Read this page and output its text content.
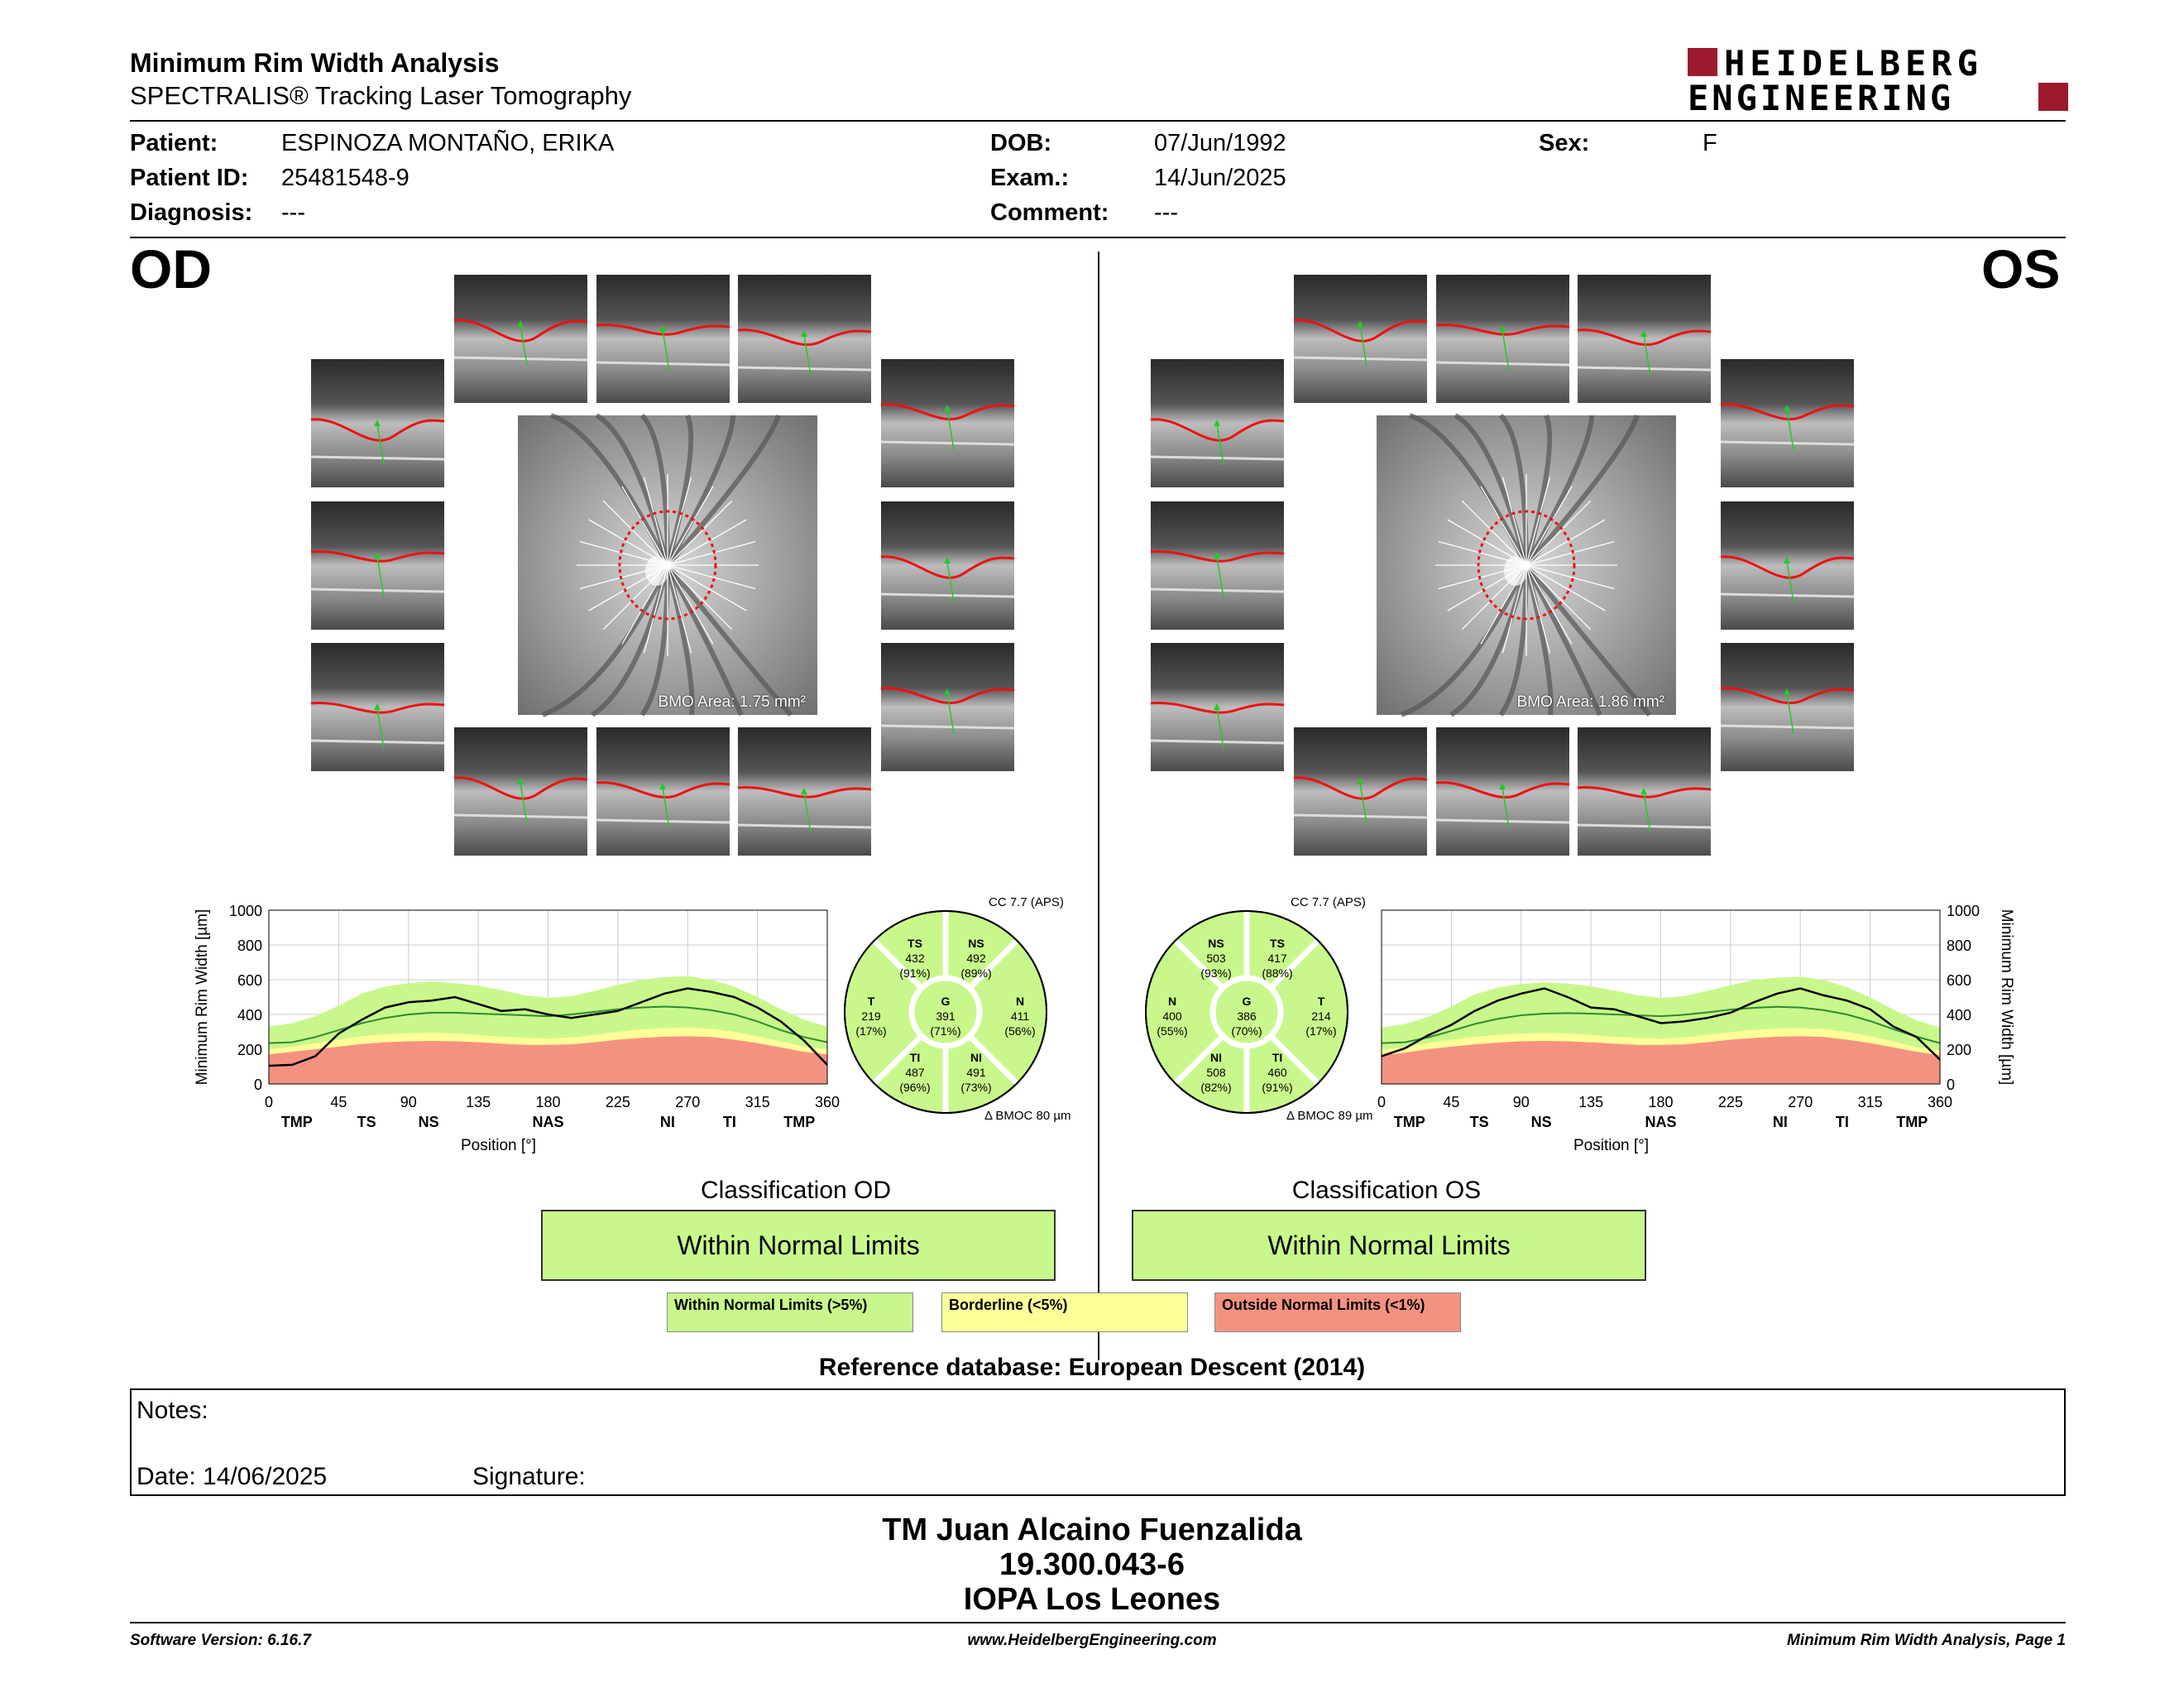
Minimum Rim Width Analysis
SPECTRALIS® Tracking Laser Tomography
HEIDELBERG
ENGINEERING
Patient:	ESPINOZA MONTAÑO, ERIKA
Patient ID: 25481548-9
Diagnosis: ---
DOB:	07/Jun/1992
Exam.:	14/Jun/2025
Comment: ---
Sex:	F
OD	OS
BMO Area: 1.75 mm²	BMO Area: 1.86 mm²
0
200
400
600
800
1000
0	45	90	135	180	225	270	315	360
TMP	TS	NS	NAS	NI	TI	TMP
Position [°]
Minimum Rim Width [µm]	0
200
400
600
800
1000
0	45	90	135	180	225	270	315	360
TMP	TS	NS	NAS	NI	TI	TMP
Position [°]
Minimum Rim Width [µm]
CC 7.7 (APS)
TS
432
(91%)
NS
492
(89%)
T
219
(17%)
G
391
(71%)
N
411
(56%)
TI
487
(96%)
NI
491
(73%)
Δ BMOC 80 µm
CC 7.7 (APS)
NS
503
(93%)
TS
417
(88%)
N
400
(55%)
G
386
(70%)
T
214
(17%)
NI
508
(82%)
TI
460
(91%)
Δ BMOC 89 µm
Classification OD
Within Normal Limits
Classification OS
Within Normal Limits
Within Normal Limits (>5%)	Borderline (<5%)	Outside Normal Limits (<1%)
Reference database: European Descent (2014)
Notes:
Date: 14/06/2025	Signature:
TM Juan Alcaino Fuenzalida
19.300.043-6
IOPA Los Leones
Software Version: 6.16.7	www.HeidelbergEngineering.com	Minimum Rim Width Analysis, Page 1
